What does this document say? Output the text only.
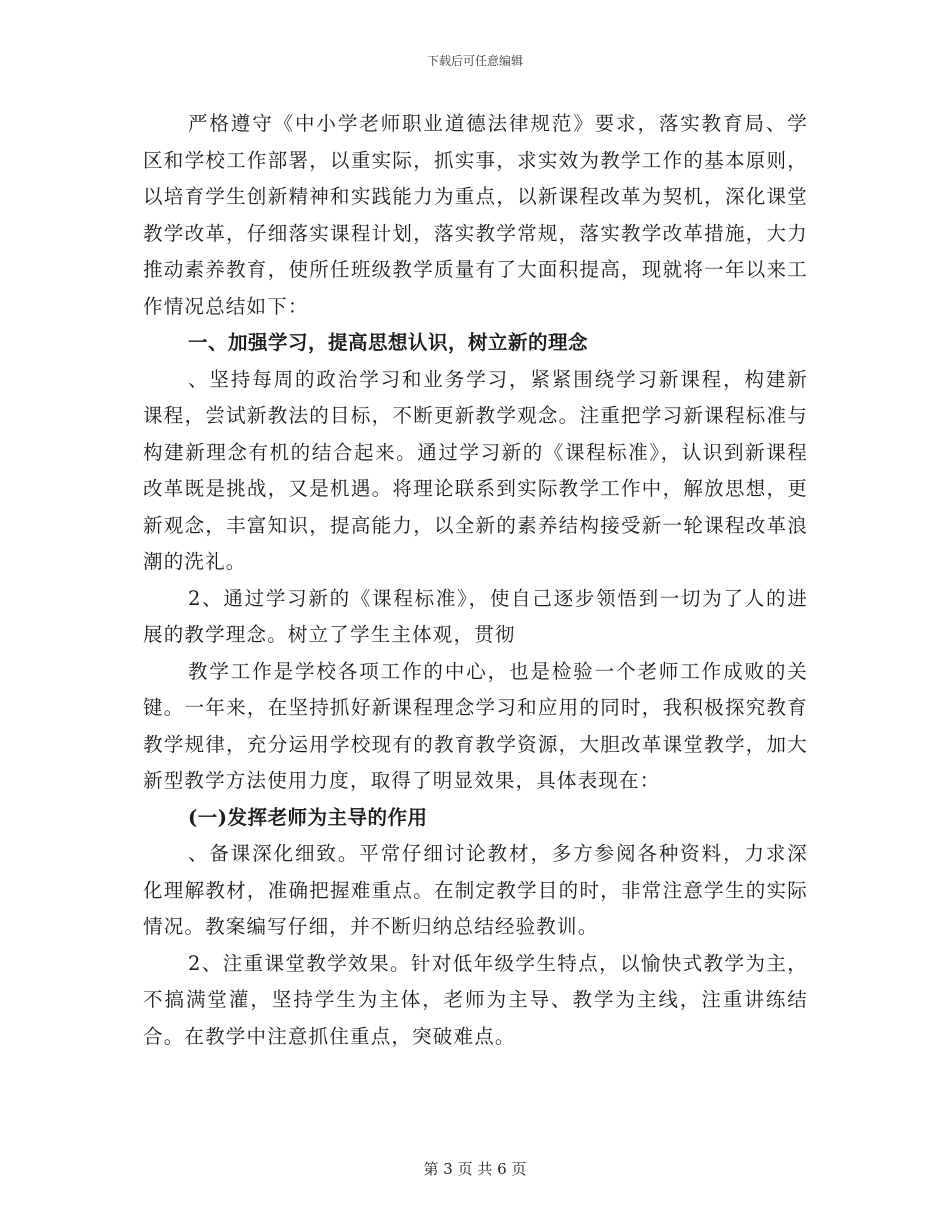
下载后可任意编辑

严格遵守《中小学老师职业道德法律规范》要求，落实教育局、学区和学校工作部署，以重实际，抓实事，求实效为教学工作的基本原则，以培育学生创新精神和实践能力为重点，以新课程改革为契机，深化课堂教学改革，仔细落实课程计划，落实教学常规，落实教学改革措施，大力推动素养教育，使所任班级教学质量有了大面积提高，现就将一年以来工作情况总结如下：

一、加强学习，提高思想认识，树立新的理念

、坚持每周的政治学习和业务学习，紧紧围绕学习新课程，构建新课程，尝试新教法的目标，不断更新教学观念。注重把学习新课程标准与构建新理念有机的结合起来。通过学习新的《课程标准》，认识到新课程改革既是挑战，又是机遇。将理论联系到实际教学工作中，解放思想，更新观念，丰富知识，提高能力，以全新的素养结构接受新一轮课程改革浪潮的洗礼。

2、通过学习新的《课程标准》，使自己逐步领悟到一切为了人的进展的教学理念。树立了学生主体观，贯彻

教学工作是学校各项工作的中心，也是检验一个老师工作成败的关键。一年来，在坚持抓好新课程理念学习和应用的同时，我积极探究教育教学规律，充分运用学校现有的教育教学资源，大胆改革课堂教学，加大新型教学方法使用力度，取得了明显效果，具体表现在：

(一)发挥老师为主导的作用

、备课深化细致。平常仔细讨论教材，多方参阅各种资料，力求深化理解教材，准确把握难重点。在制定教学目的时，非常注意学生的实际情况。教案编写仔细，并不断归纳总结经验教训。

2、注重课堂教学效果。针对低年级学生特点，以愉快式教学为主，不搞满堂灌，坚持学生为主体，老师为主导、教学为主线，注重讲练结合。在教学中注意抓住重点，突破难点。

第 3 页 共 6 页
